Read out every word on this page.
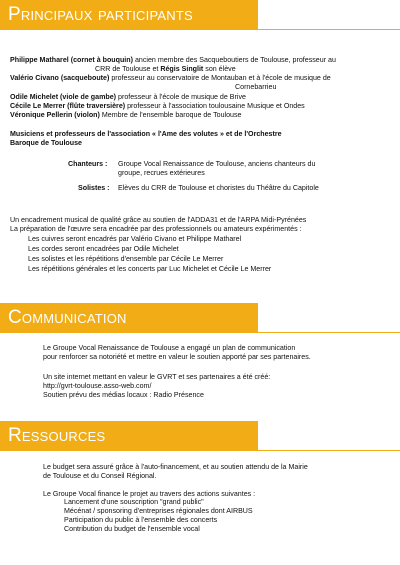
Principaux participants
Philippe Matharel (cornet à bouquin) ancien membre des Sacqueboutiers de Toulouse, professeur au
CRR de Toulouse et Régis Singlit son élève
Valério Civano (sacqueboute) professeur au conservatoire de Montauban et à l'école de musique de
Cornebarrieu
Odile Michelet (viole de gambe) professeur à l'école de musique de Brive
Cécile Le Merrer (flûte traversière) professeur à l'association toulousaine Musique et Ondes
Véronique Pellerin (violon) Membre de l'ensemble baroque de Toulouse
Musiciens et professeurs de l'association « l'Ame des volutes » et de l'Orchestre
Baroque de Toulouse
Chanteurs : Groupe Vocal Renaissance de Toulouse, anciens chanteurs du
groupe, recrues extérieures
Solistes : Elèves du CRR de Toulouse et choristes du Théâtre du Capitole
Un encadrement musical de qualité grâce au soutien de l'ADDA31 et de l'ARPA Midi-Pyrénées
La préparation de l'œuvre sera encadrée par des professionnels ou amateurs expérimentés :
Les cuivres seront encadrés par Valério Civano et Philippe Matharel
Les cordes seront encadrées par Odile Michelet
Les solistes et les répétitions d'ensemble par Cécile Le Merrer
Les répétitions générales et les concerts par Luc Michelet et Cécile Le Merrer
Communication
Le Groupe Vocal Renaissance de Toulouse a engagé un plan de communication
pour renforcer sa notoriété et mettre en valeur le soutien apporté par ses partenaires.
Un site internet mettant en valeur le GVRT et ses partenaires a été créé:
http://gvrt-toulouse.asso-web.com/
Soutien prévu des médias locaux : Radio Présence
Ressources
Le budget sera assuré grâce à l'auto-financement, et au soutien attendu de la Mairie
de Toulouse et du Conseil Régional.
Le Groupe Vocal finance le projet au travers des actions suivantes :
Lancement d'une souscription "grand public"
Mécénat / sponsoring d'entreprises régionales dont AIRBUS
Participation du public à l'ensemble des concerts
Contribution du budget de l'ensemble vocal
